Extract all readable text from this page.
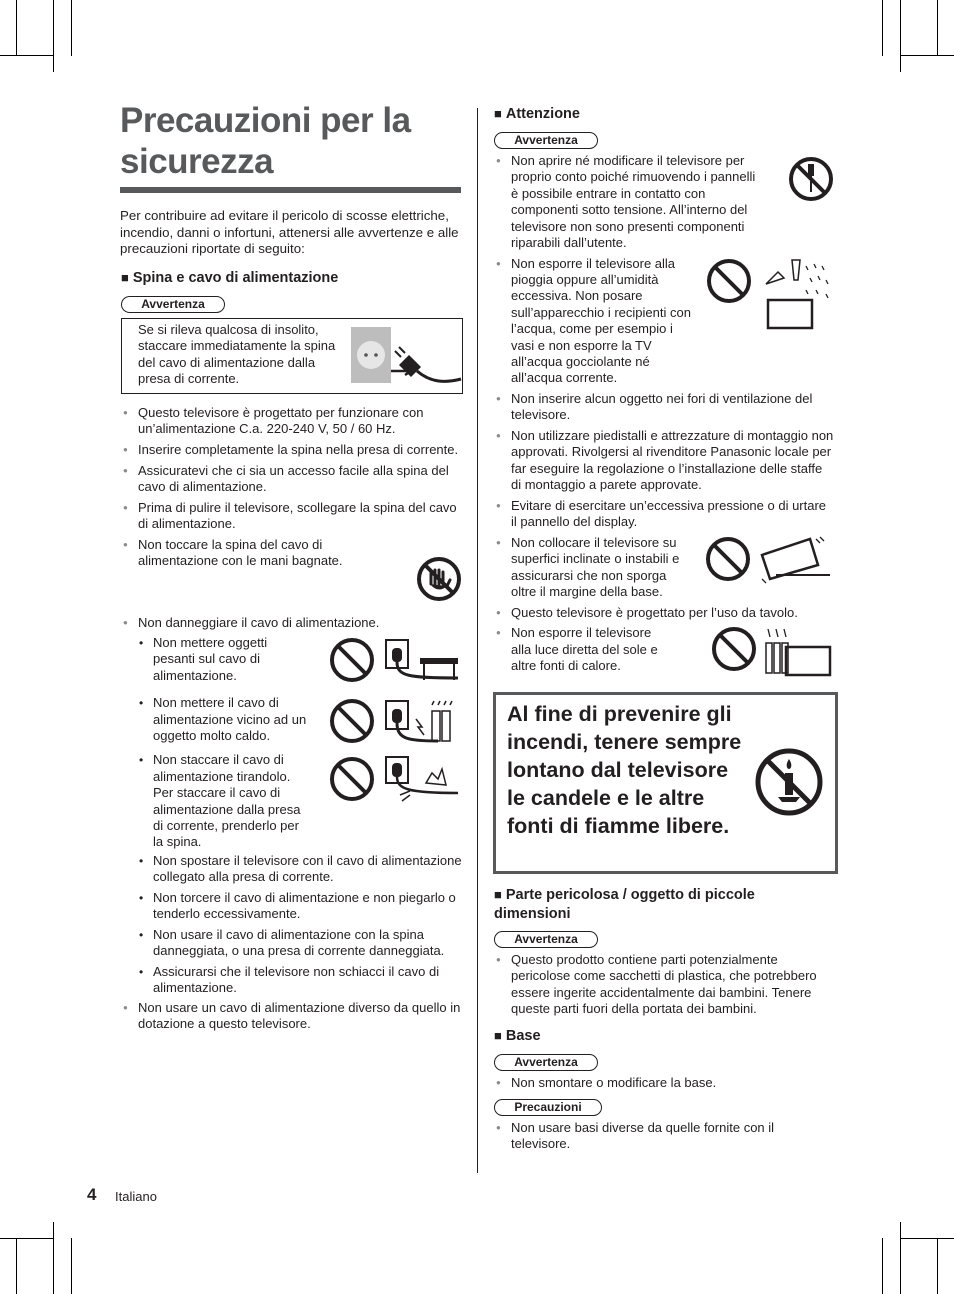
Precauzioni per la sicurezza

Per contribuire ad evitare il pericolo di scosse elettriche, incendio, danni o infortuni, attenersi alle avvertenze e alle precauzioni riportate di seguito:

■ Spina e cavo di alimentazione
Avvertenza

Se si rileva qualcosa di insolito, staccare immediatamente la spina del cavo di alimentazione dalla presa di corrente.

● Questo televisore è progettato per funzionare con un’alimentazione C.a. 220-240 V, 50 / 60 Hz.
● Inserire completamente la spina nella presa di corrente.
● Assicuratevi che ci sia un accesso facile alla spina del cavo di alimentazione.
● Prima di pulire il televisore, scollegare la spina del cavo di alimentazione.
● Non toccare la spina del cavo di alimentazione con le mani bagnate.
● Non danneggiare il cavo di alimentazione.
• Non mettere oggetti pesanti sul cavo di alimentazione.
• Non mettere il cavo di alimentazione vicino ad un oggetto molto caldo.
• Non staccare il cavo di alimentazione tirandolo. Per staccare il cavo di alimentazione dalla presa di corrente, prenderlo per la spina.
• Non spostare il televisore con il cavo di alimentazione collegato alla presa di corrente.
• Non torcere il cavo di alimentazione e non piegarlo o tenderlo eccessivamente.
• Non usare il cavo di alimentazione con la spina danneggiata, o una presa di corrente danneggiata.
• Assicurarsi che il televisore non schiacci il cavo di alimentazione.
● Non usare un cavo di alimentazione diverso da quello in dotazione a questo televisore.
■ Attenzione
Avvertenza
● Non aprire né modificare il televisore per proprio conto poiché rimuovendo i pannelli è possibile entrare in contatto con componenti sotto tensione. All’interno del televisore non sono presenti componenti riparabili dall’utente.
● Non esporre il televisore alla pioggia oppure all’umidità eccessiva. Non posare sull’apparecchio i recipienti con l’acqua, come per esempio i vasi e non esporre la TV all’acqua gocciolante né all’acqua corrente.
● Non inserire alcun oggetto nei fori di ventilazione del televisore.
● Non utilizzare piedistalli e attrezzature di montaggio non approvati. Rivolgersi al rivenditore Panasonic locale per far eseguire la regolazione o l’installazione delle staffe di montaggio a parete approvate.
● Evitare di esercitare un’eccessiva pressione o di urtare il pannello del display.
● Non collocare il televisore su superfici inclinate o instabili e assicurarsi che non sporga oltre il margine della base.
● Questo televisore è progettato per l’uso da tavolo.
● Non esporre il televisore alla luce diretta del sole e altre fonti di calore.
Al fine di prevenire gli incendi, tenere sempre lontano dal televisore le candele e le altre fonti di fiamme libere.
■ Parte pericolosa / oggetto di piccole dimensioni
Avvertenza
● Questo prodotto contiene parti potenzialmente pericolose come sacchetti di plastica, che potrebbero essere ingerite accidentalmente dai bambini. Tenere queste parti fuori della portata dei bambini.
■ Base
Avvertenza
● Non smontare o modificare la base.
Precauzioni
● Non usare basi diverse da quelle fornite con il televisore.

4 Italiano
